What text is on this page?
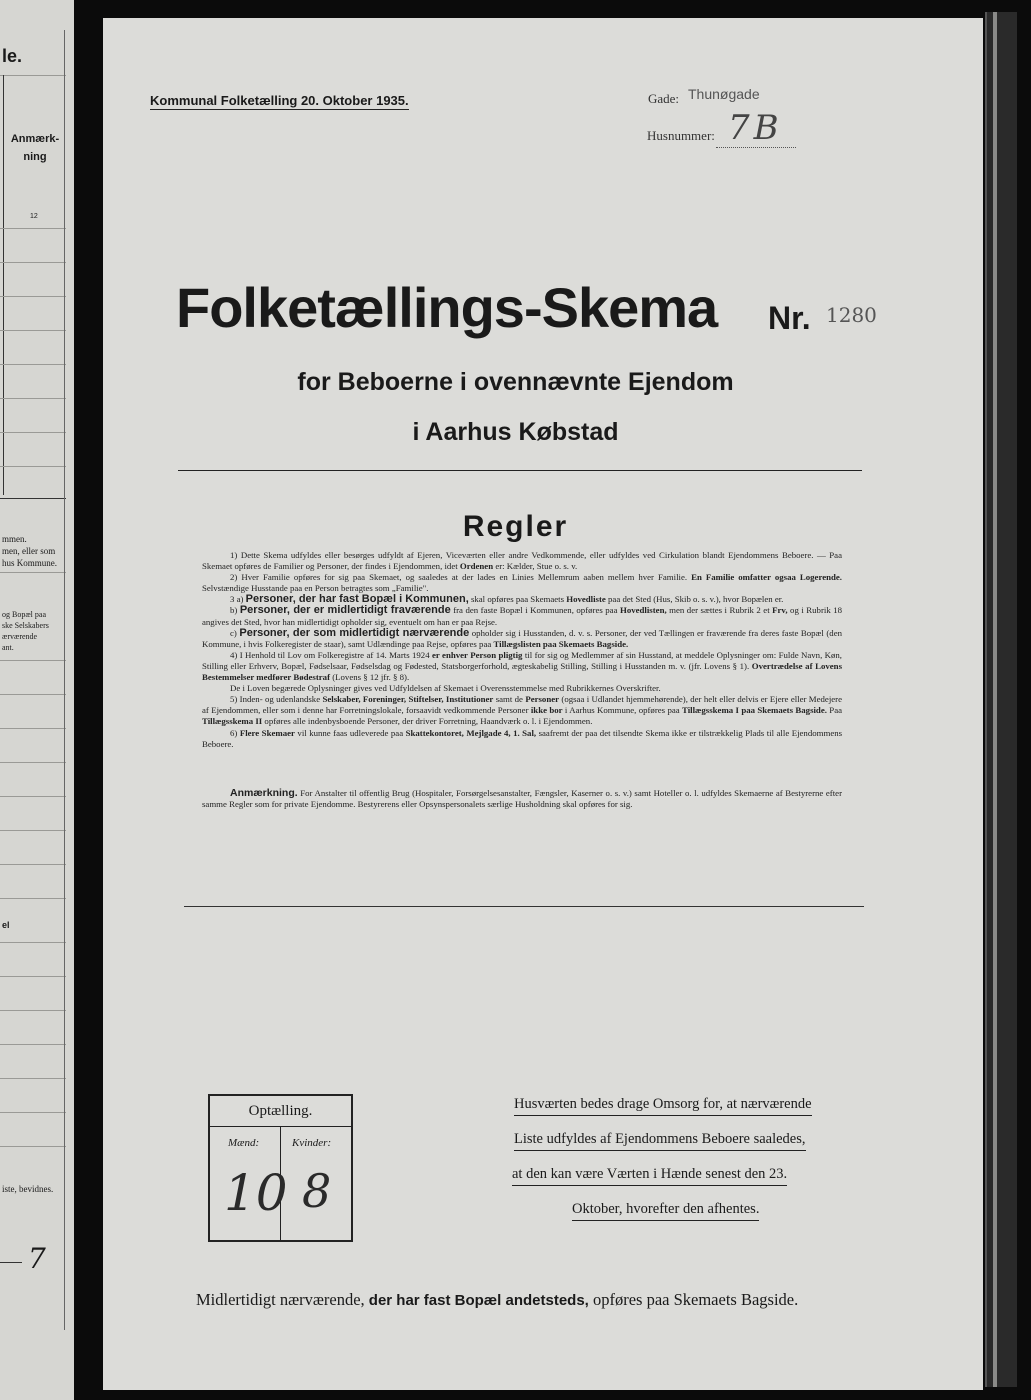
le.
Anmærk-
ning
12
mmen.
men, eller som
hus Kommune.
og Bopæl paa
ske Selskabers
ærværende
ant.
el
iste, bevidnes.
7
Kommunal Folketælling 20. Oktober 1935.	Gade: Thunøgade
Husnummer: 7B
Folketællings-Skema Nr. 1280
for Beboerne i ovennævnte Ejendom
i Aarhus Købstad
Regler

1) Dette Skema udfyldes eller besørges udfyldt af Ejeren, Viceværten eller andre Vedkommende, eller udfyldes ved Cirkulation blandt Ejendommens Beboere. — Paa Skemaet opføres de Familier og Personer, der findes i Ejendommen, idet Ordenen er: Kælder, Stue o. s. v.

2) Hver Familie opføres for sig paa Skemaet, og saaledes at der lades en Linies Mellemrum aaben mellem hver Familie. En Familie omfatter ogsaa Logerende. Selvstændige Husstande paa en Person betragtes som „Familie".

3 a) Personer, der har fast Bopæl i Kommunen, skal opføres paa Skemaets Hovedliste paa det Sted (Hus, Skib o. s. v.), hvor Bopælen er.

b) Personer, der er midlertidigt fraværende fra den faste Bopæl i Kommunen, opføres paa Hovedlisten, men der sættes i Rubrik 2 et Frv, og i Rubrik 18 angives det Sted, hvor han midlertidigt opholder sig, eventuelt om han er paa Rejse.

c) Personer, der som midlertidigt nærværende opholder sig i Husstanden, d. v. s. Personer, der ved Tællingen er fraværende fra deres faste Bopæl (den Kommune, i hvis Folkeregister de staar), samt Udlændinge paa Rejse, opføres paa Tillægslisten paa Skemaets Bagside.

4) I Henhold til Lov om Folkeregistre af 14. Marts 1924 er enhver Person pligtig til for sig og Medlemmer af sin Husstand, at meddele Oplysninger om: Fulde Navn, Køn, Stilling eller Erhverv, Bopæl, Fødselsaar, Fødselsdag og Fødested, Statsborgerforhold, ægteskabelig Stilling, Stilling i Husstanden m. v. (jfr. Lovens § 1). Overtrædelse af Lovens Bestemmelser medfører Bødestraf (Lovens § 12 jfr. § 8).

De i Loven begærede Oplysninger gives ved Udfyldelsen af Skemaet i Overensstemmelse med Rubrikkernes Overskrifter.

5) Inden- og udenlandske Selskaber, Foreninger, Stiftelser, Institutioner samt de Personer (ogsaa i Udlandet hjemmehørende), der helt eller delvis er Ejere eller Medejere af Ejendommen, eller som i denne har Forretningslokale, forsaavidt vedkommende Personer ikke bor i Aarhus Kommune, opføres paa Tillægsskema I paa Skemaets Bagside. Paa Tillægsskema II opføres alle indenbysboende Personer, der driver Forretning, Haandværk o. l. i Ejendommen.

6) Flere Skemaer vil kunne faas udleverede paa Skattekontoret, Mejlgade 4, 1. Sal, saafremt der paa det tilsendte Skema ikke er tilstrækkelig Plads til alle Ejendommens Beboere.

Anmærkning. For Anstalter til offentlig Brug (Hospitaler, Forsørgelsesanstalter, Fængsler, Kaserner o. s. v.) samt Hoteller o. l. udfyldes Skemaerne af Bestyrerne efter samme Regler som for private Ejendomme. Bestyrerens eller Opsynspersonalets særlige Husholdning skal opføres for sig.

Optælling.
Mænd:	Kvinder:
10 8
Husværten bedes drage Omsorg for, at nærværende
Liste udfyldes af Ejendommens Beboere saaledes,
at den kan være Værten i Hænde senest den 23.
Oktober, hvorefter den afhentes.
Midlertidigt nærværende, der har fast Bopæl andetsteds, opføres paa Skemaets Bagside.
